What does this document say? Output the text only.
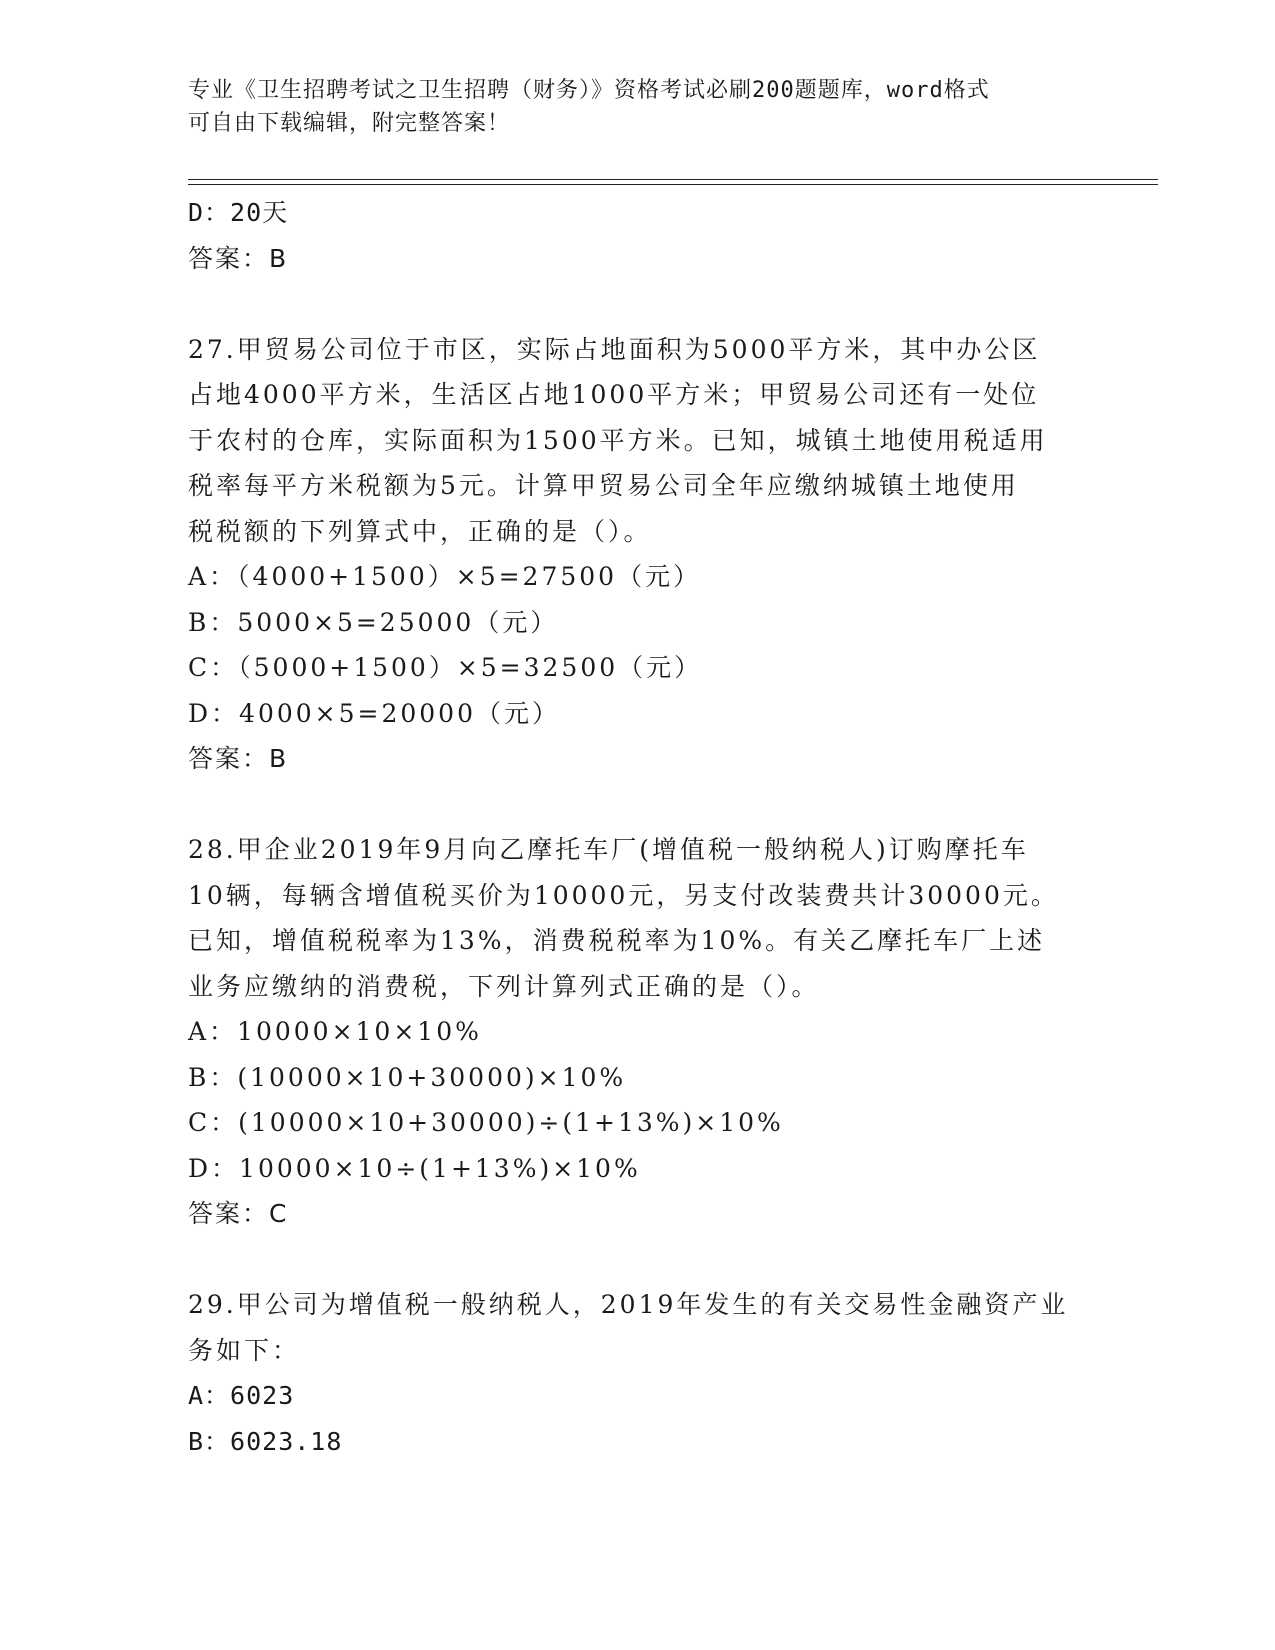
专业《卫生招聘考试之卫生招聘（财务）》资格考试必刷200题题库，word格式
可自由下载编辑，附完整答案！
D：20天
答案：B
27.甲贸易公司位于市区，实际占地面积为5000平方米，其中办公区
占地4000平方米，生活区占地1000平方米；甲贸易公司还有一处位
于农村的仓库，实际面积为1500平方米。已知，城镇土地使用税适用
税率每平方米税额为5元。计算甲贸易公司全年应缴纳城镇土地使用
税税额的下列算式中，正确的是（）。
A：（4000+1500）×5=27500（元）
B：5000×5=25000（元）
C：（5000+1500）×5=32500（元）
D：4000×5=20000（元）
答案：B
28.甲企业2019年9月向乙摩托车厂(增值税一般纳税人)订购摩托车
10辆，每辆含增值税买价为10000元，另支付改装费共计30000元。
已知，增值税税率为13%，消费税税率为10%。有关乙摩托车厂上述
业务应缴纳的消费税，下列计算列式正确的是（）。
A：10000×10×10%
B：(10000×10+30000)×10%
C：(10000×10+30000)÷(1+13%)×10%
D：10000×10÷(1+13%)×10%
答案：C
29.甲公司为增值税一般纳税人，2019年发生的有关交易性金融资产业
务如下：
A：6023
B：6023.18
